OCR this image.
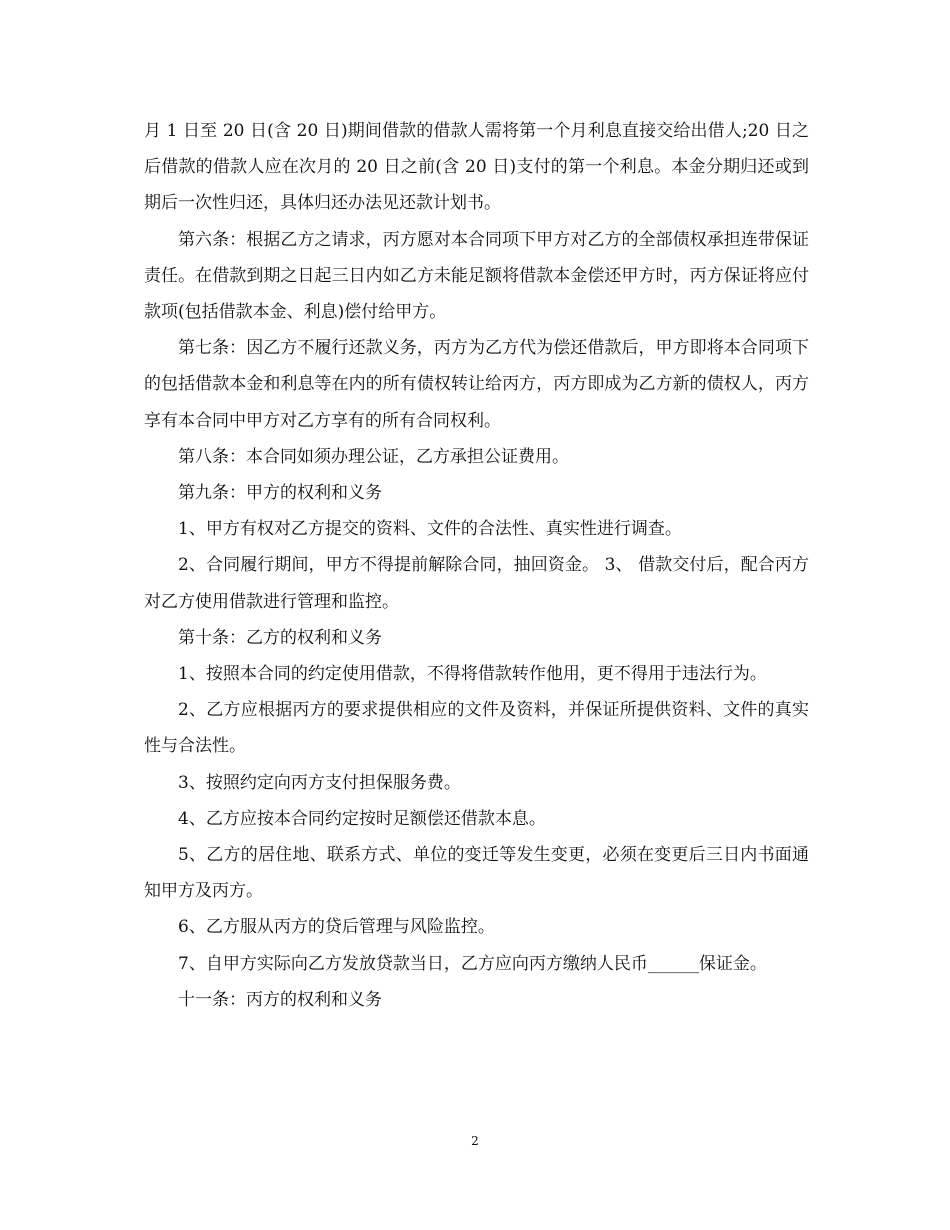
月 1 日至 20 日(含 20 日)期间借款的借款人需将第一个月利息直接交给出借人;20 日之后借款的借款人应在次月的 20 日之前(含 20 日)支付的第一个利息。本金分期归还或到期后一次性归还，具体归还办法见还款计划书。

第六条：根据乙方之请求，丙方愿对本合同项下甲方对乙方的全部债权承担连带保证责任。在借款到期之日起三日内如乙方未能足额将借款本金偿还甲方时，丙方保证将应付款项(包括借款本金、利息)偿付给甲方。

第七条：因乙方不履行还款义务，丙方为乙方代为偿还借款后，甲方即将本合同项下的包括借款本金和利息等在内的所有债权转让给丙方，丙方即成为乙方新的债权人，丙方享有本合同中甲方对乙方享有的所有合同权利。

第八条：本合同如须办理公证，乙方承担公证费用。

第九条：甲方的权利和义务

1、甲方有权对乙方提交的资料、文件的合法性、真实性进行调查。

2、合同履行期间，甲方不得提前解除合同，抽回资金。 3、 借款交付后，配合丙方对乙方使用借款进行管理和监控。

第十条：乙方的权利和义务

1、按照本合同的约定使用借款，不得将借款转作他用，更不得用于违法行为。

2、乙方应根据丙方的要求提供相应的文件及资料，并保证所提供资料、文件的真实性与合法性。

3、按照约定向丙方支付担保服务费。

4、乙方应按本合同约定按时足额偿还借款本息。

5、乙方的居住地、联系方式、单位的变迁等发生变更，必须在变更后三日内书面通知甲方及丙方。

6、乙方服从丙方的贷后管理与风险监控。

7、自甲方实际向乙方发放贷款当日，乙方应向丙方缴纳人民币______保证金。

十一条：丙方的权利和义务

2
